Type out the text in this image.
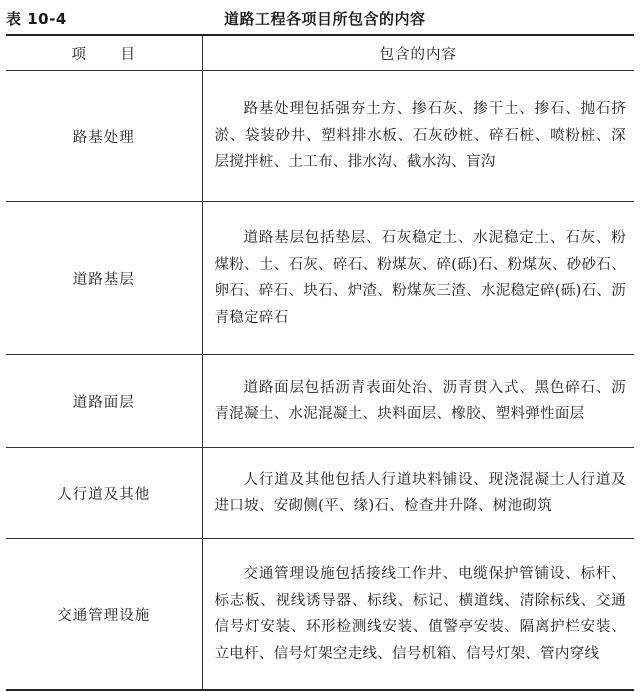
表 10-4	道路工程各项目所包含的内容
项 目	包含的内容
路基处理	路基处理包括强夯土方、掺石灰、掺干土、掺石、抛石挤淤、袋装砂井、塑料排水板、石灰砂桩、碎石桩、喷粉桩、深层搅拌桩、土工布、排水沟、截水沟、盲沟
道路基层	道路基层包括垫层、石灰稳定土、水泥稳定土、石灰、粉煤粉、土、石灰、碎石、粉煤灰、碎(砾)石、粉煤灰、砂砂石、卵石、碎石、块石、炉渣、粉煤灰三渣、水泥稳定碎(砾)石、沥青稳定碎石
道路面层	道路面层包括沥青表面处治、沥青贯入式、黑色碎石、沥青混凝土、水泥混凝土、块料面层、橡胶、塑料弹性面层
人行道及其他	人行道及其他包括人行道块料铺设、现浇混凝土人行道及进口坡、安砌侧(平、缘)石、检查井升降、树池砌筑
交通管理设施	交通管理设施包括接线工作井、电缆保护管铺设、标杆、标志板、视线诱导器、标线、标记、横道线、清除标线、交通信号灯安装、环形检测线安装、值警亭安装、隔离护栏安装、立电杆、信号灯架空走线、信号机箱、信号灯架、管内穿线
